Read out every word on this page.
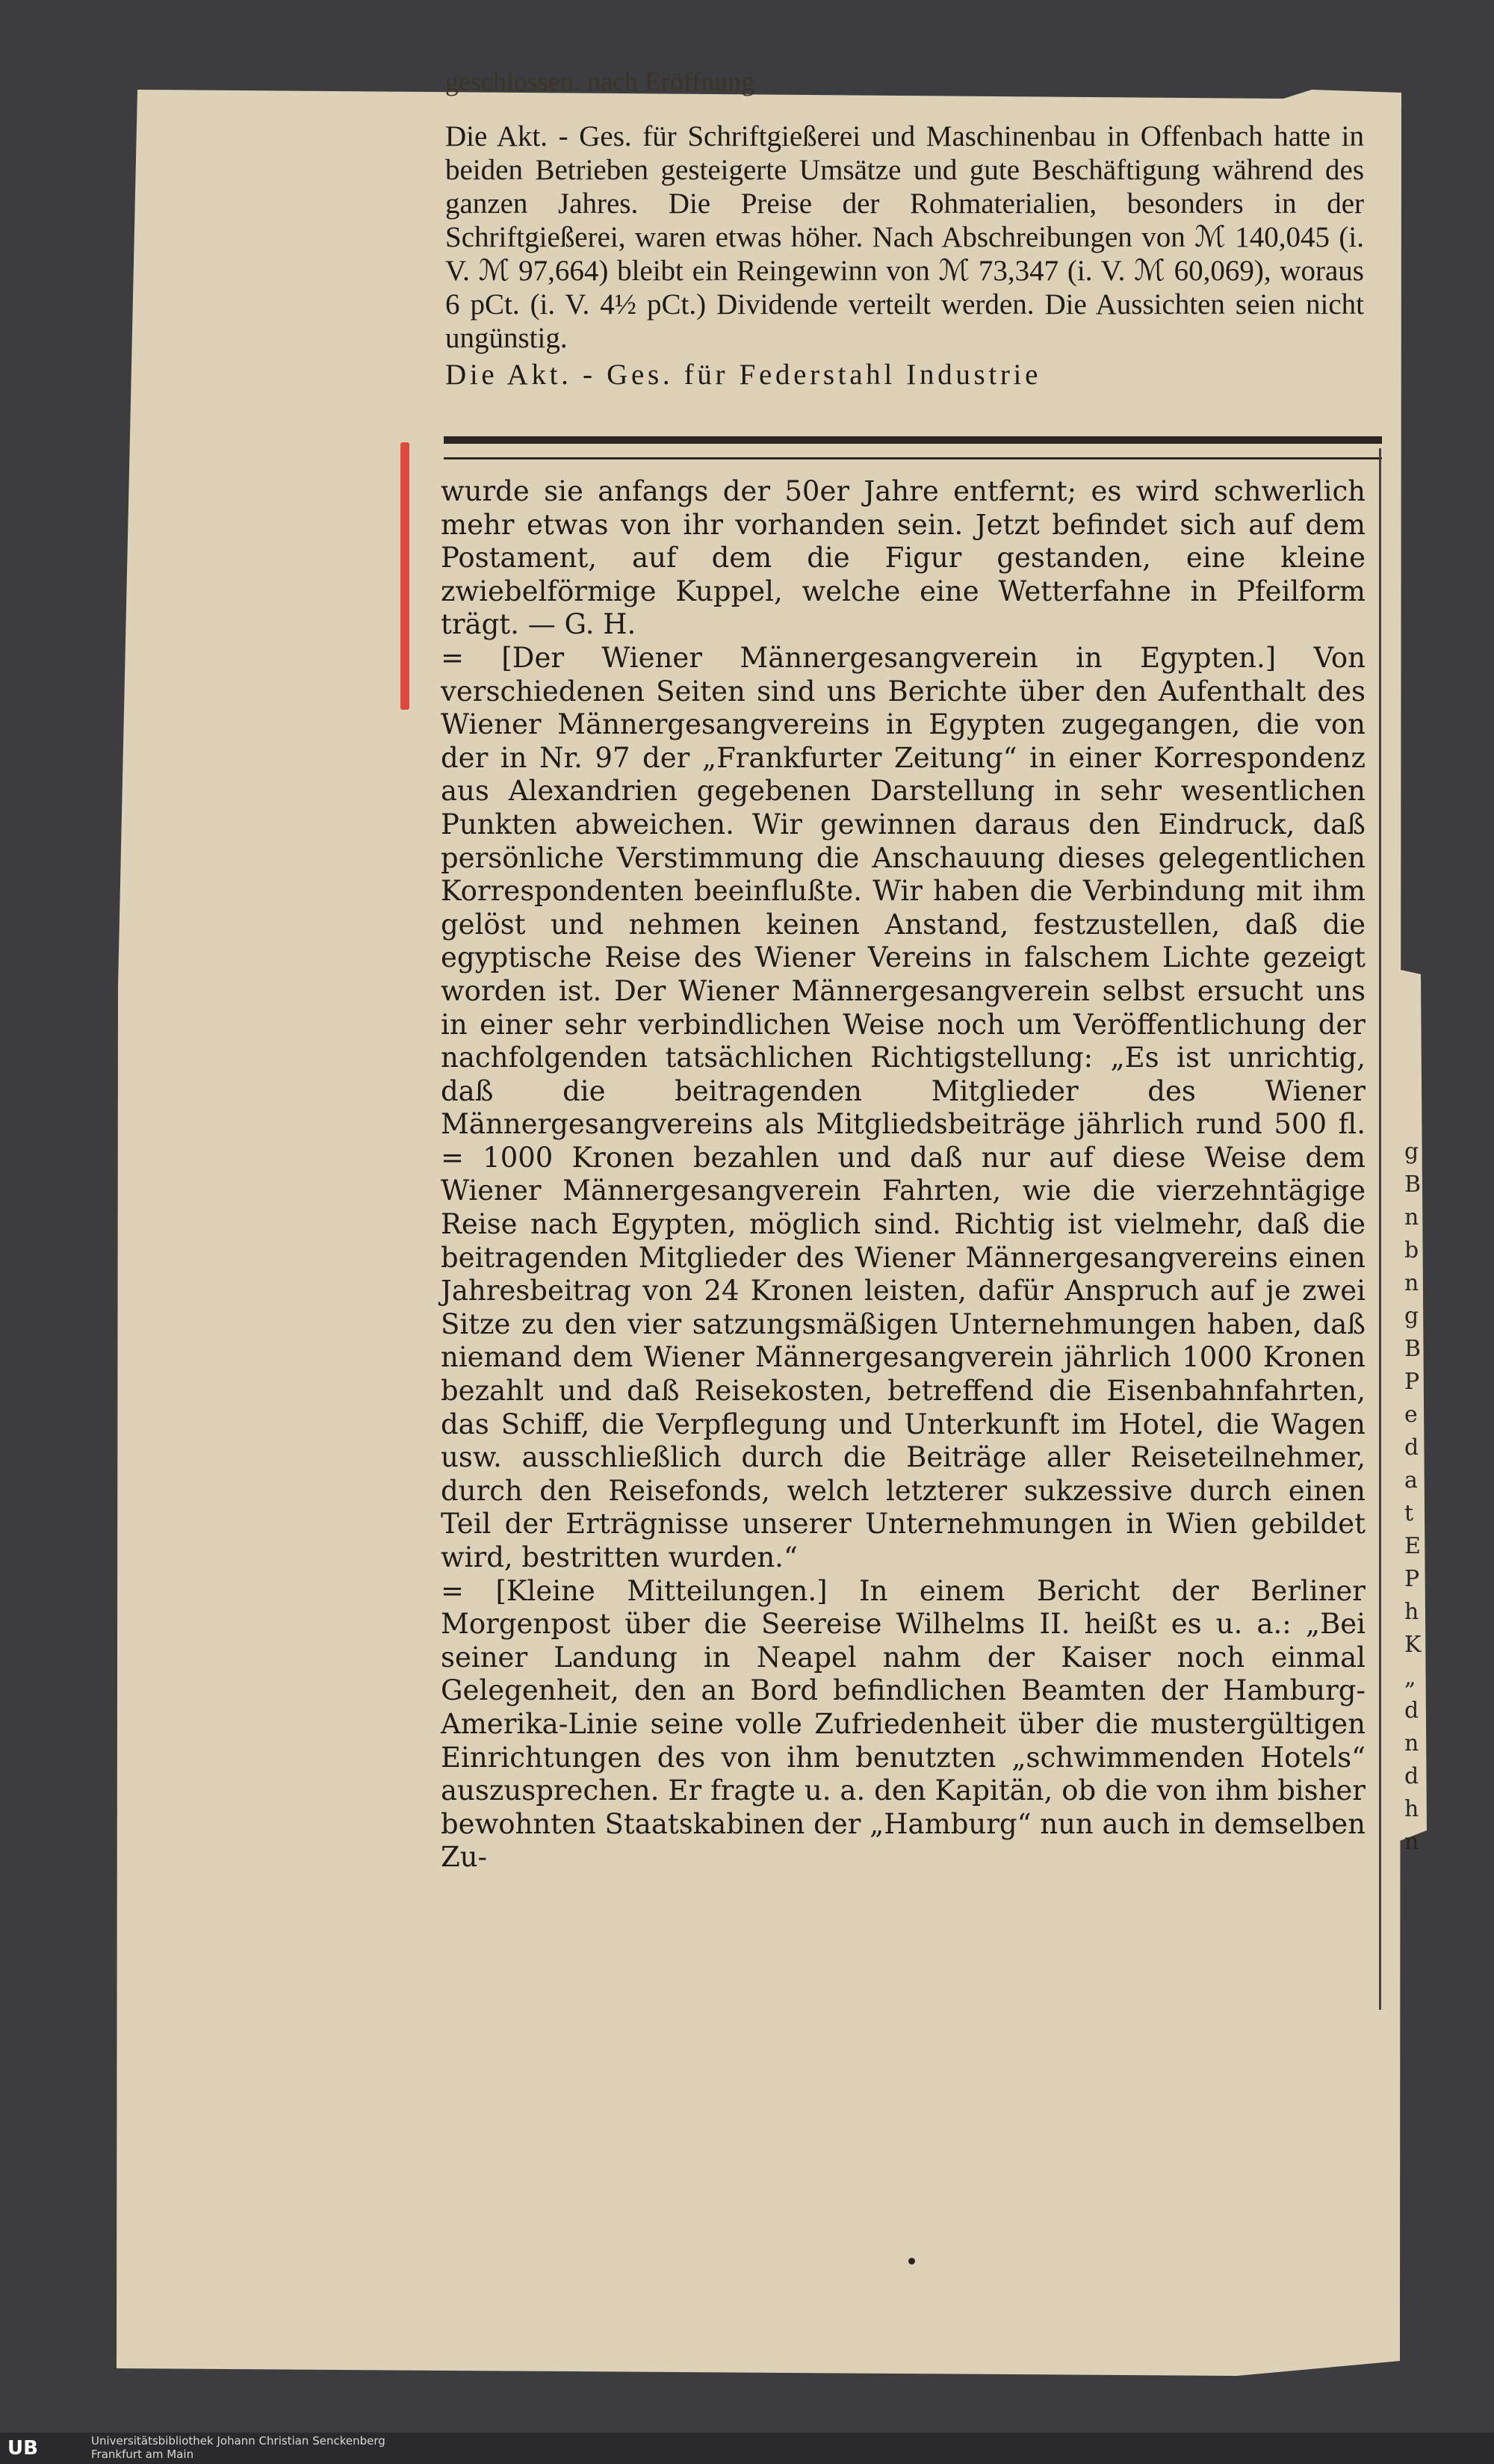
g
B
n
b
n
g
B
P
e
d
a
t
E
P
h
K
„
d
n
d
h
n
geschlossen. nach Eröffnung

Die Akt. - Ges. für Schriftgießerei und Maschinenbau in Offenbach hatte in beiden Betrieben gesteigerte Umsätze und gute Beschäftigung während des ganzen Jahres. Die Preise der Rohmaterialien, besonders in der Schriftgießerei, waren etwas höher. Nach Abschreibungen von ℳ 140,045 (i. V. ℳ 97,664) bleibt ein Reingewinn von ℳ 73,347 (i. V. ℳ 60,069), woraus 6 pCt. (i. V. 4½ pCt.) Dividende verteilt werden. Die Aussichten seien nicht ungünstig.

Die Akt. - Ges. für Federstahl Industrie

wurde sie anfangs der 50er Jahre entfernt; es wird schwerlich mehr etwas von ihr vorhanden sein. Jetzt befindet sich auf dem Postament, auf dem die Figur gestanden, eine kleine zwiebelförmige Kuppel, welche eine Wetterfahne in Pfeilform trägt. — G. H.

= [Der Wiener Männergesangverein in Egypten.] Von verschiedenen Seiten sind uns Berichte über den Aufenthalt des Wiener Männergesangvereins in Egypten zugegangen, die von der in Nr. 97 der „Frankfurter Zeitung“ in einer Korrespondenz aus Alexandrien gegebenen Darstellung in sehr wesentlichen Punkten abweichen. Wir gewinnen daraus den Eindruck, daß persönliche Verstimmung die Anschauung dieses gelegentlichen Korrespondenten beeinflußte. Wir haben die Verbindung mit ihm gelöst und nehmen keinen Anstand, festzustellen, daß die egyptische Reise des Wiener Vereins in falschem Lichte gezeigt worden ist. Der Wiener Männergesangverein selbst ersucht uns in einer sehr verbindlichen Weise noch um Veröffentlichung der nachfolgenden tatsächlichen Richtigstellung: „Es ist unrichtig, daß die beitragenden Mitglieder des Wiener Männergesangvereins als Mitgliedsbeiträge jährlich rund 500 fl. = 1000 Kronen bezahlen und daß nur auf diese Weise dem Wiener Männergesangverein Fahrten, wie die vierzehntägige Reise nach Egypten, möglich sind. Richtig ist vielmehr, daß die beitragenden Mitglieder des Wiener Männergesangvereins einen Jahresbeitrag von 24 Kronen leisten, dafür Anspruch auf je zwei Sitze zu den vier satzungsmäßigen Unternehmungen haben, daß niemand dem Wiener Männergesangverein jährlich 1000 Kronen bezahlt und daß Reisekosten, betreffend die Eisenbahnfahrten, das Schiff, die Verpflegung und Unterkunft im Hotel, die Wagen usw. ausschließlich durch die Beiträge aller Reiseteilnehmer, durch den Reisefonds, welch letzterer sukzessive durch einen Teil der Erträgnisse unserer Unternehmungen in Wien gebildet wird, bestritten wurden.“

= [Kleine Mitteilungen.] In einem Bericht der Berliner Morgenpost über die Seereise Wilhelms II. heißt es u. a.: „Bei seiner Landung in Neapel nahm der Kaiser noch einmal Gelegenheit, den an Bord befindlichen Beamten der Hamburg-Amerika-Linie seine volle Zufriedenheit über die mustergültigen Einrichtungen des von ihm benutzten „schwimmenden Hotels“ auszusprechen. Er fragte u. a. den Kapitän, ob die von ihm bisher bewohnten Staatskabinen der „Hamburg“ nun auch in demselben Zu-

UB	Universitätsbibliothek Johann Christian Senckenberg
Frankfurt am Main
